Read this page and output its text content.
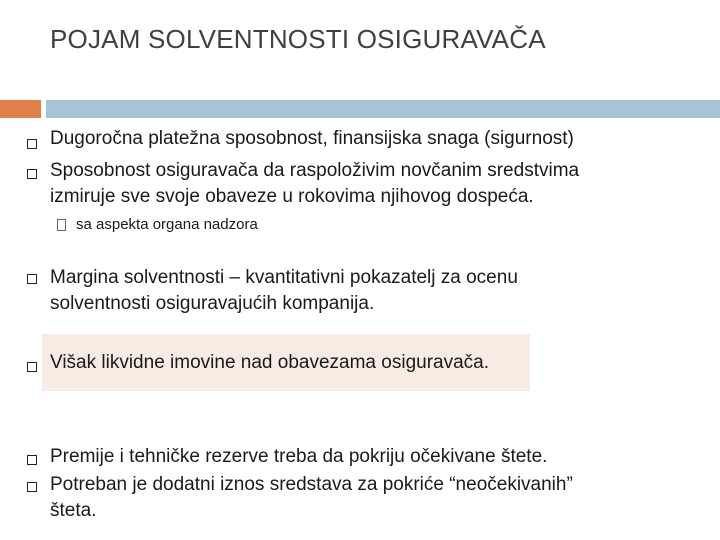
POJAM SOLVENTNOSTI OSIGURAVAČA
Dugoročna platežna sposobnost, finansijska snaga (sigurnost)
Sposobnost osiguravača da raspoloživim novčanim sredstvima
izmiruje sve svoje obaveze u rokovima njihovog dospeća.
sa aspekta organa nadzora
Margina solventnosti – kvantitativni pokazatelj za ocenu
solventnosti osiguravajućih kompanija.
Višak likvidne imovine nad obavezama osiguravača.
Premije i tehničke rezerve treba da pokriju očekivane štete.
Potreban je dodatni iznos sredstava za pokriće “neočekivanih”
šteta.
